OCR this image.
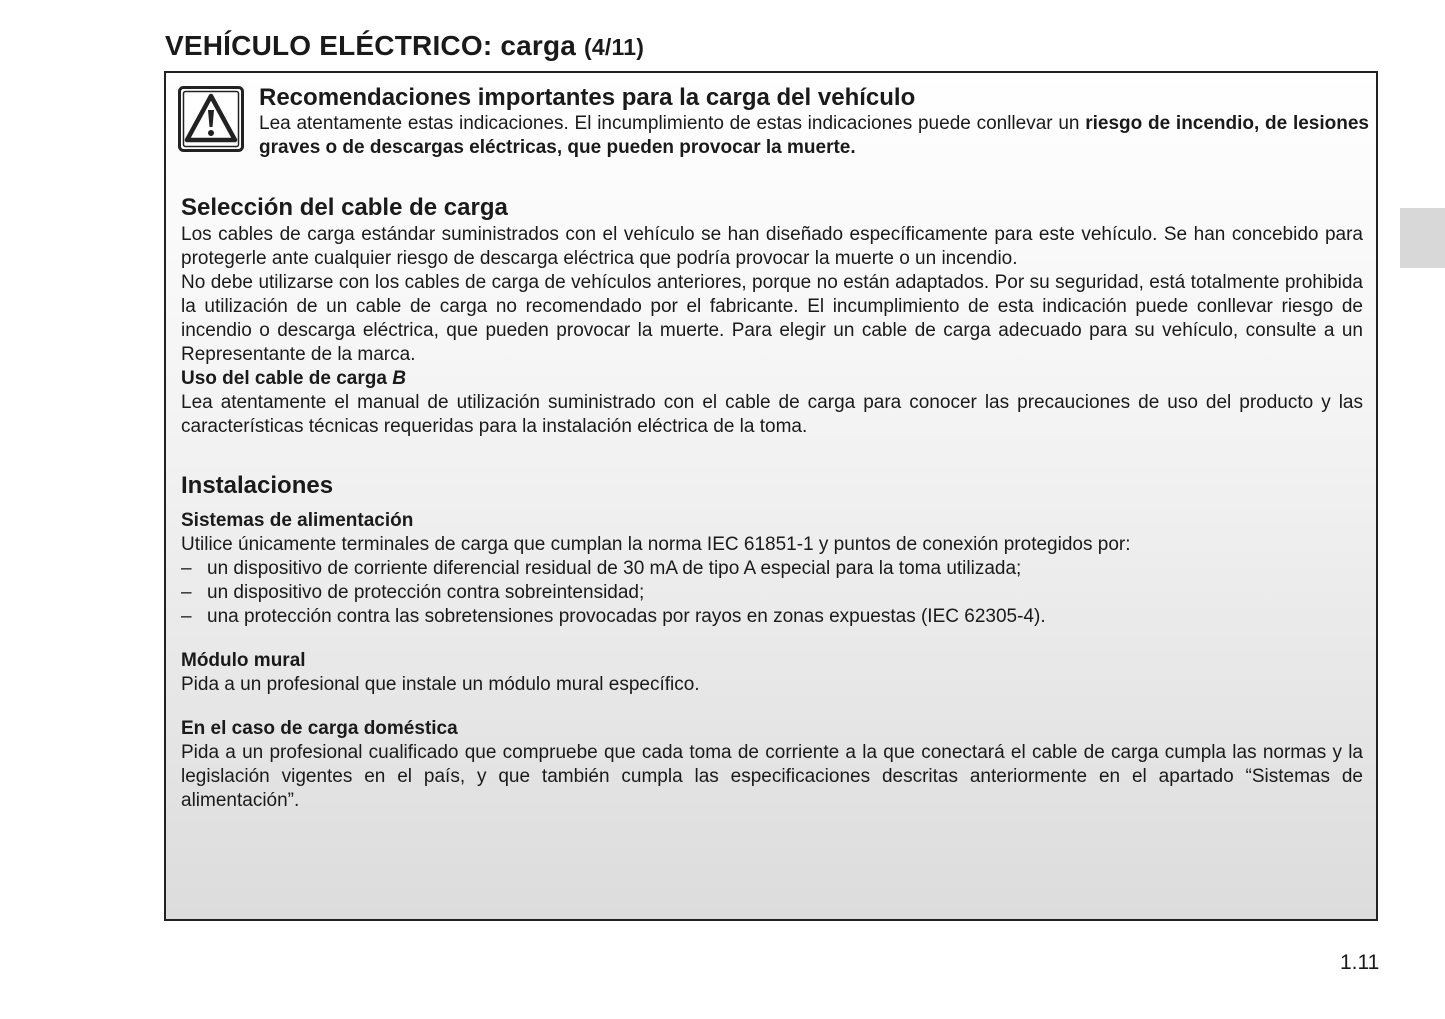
VEHÍCULO ELÉCTRICO: carga (4/11)

Recomendaciones importantes para la carga del vehículo

Lea atentamente estas indicaciones. El incumplimiento de estas indicaciones puede conllevar un riesgo de incendio, de lesiones graves o de descargas eléctricas, que pueden provocar la muerte.

Selección del cable de carga

Los cables de carga estándar suministrados con el vehículo se han diseñado específicamente para este vehículo. Se han concebido para protegerle ante cualquier riesgo de descarga eléctrica que podría provocar la muerte o un incendio.

No debe utilizarse con los cables de carga de vehículos anteriores, porque no están adaptados. Por su seguridad, está totalmente prohibida la utilización de un cable de carga no recomendado por el fabricante. El incumplimiento de esta indicación puede conllevar riesgo de incendio o descarga eléctrica, que pueden provocar la muerte. Para elegir un cable de carga adecuado para su vehículo, consulte a un Representante de la marca.

Uso del cable de carga B

Lea atentamente el manual de utilización suministrado con el cable de carga para conocer las precauciones de uso del producto y las características técnicas requeridas para la instalación eléctrica de la toma.

Instalaciones

Sistemas de alimentación

Utilice únicamente terminales de carga que cumplan la norma IEC 61851-1 y puntos de conexión protegidos por:

– un dispositivo de corriente diferencial residual de 30 mA de tipo A especial para la toma utilizada;
– un dispositivo de protección contra sobreintensidad;
– una protección contra las sobretensiones provocadas por rayos en zonas expuestas (IEC 62305-4).

Módulo mural

Pida a un profesional que instale un módulo mural específico.

En el caso de carga doméstica

Pida a un profesional cualificado que compruebe que cada toma de corriente a la que conectará el cable de carga cumpla las normas y la legislación vigentes en el país, y que también cumpla las especificaciones descritas anteriormente en el apartado “Sistemas de alimentación”.

1.11
